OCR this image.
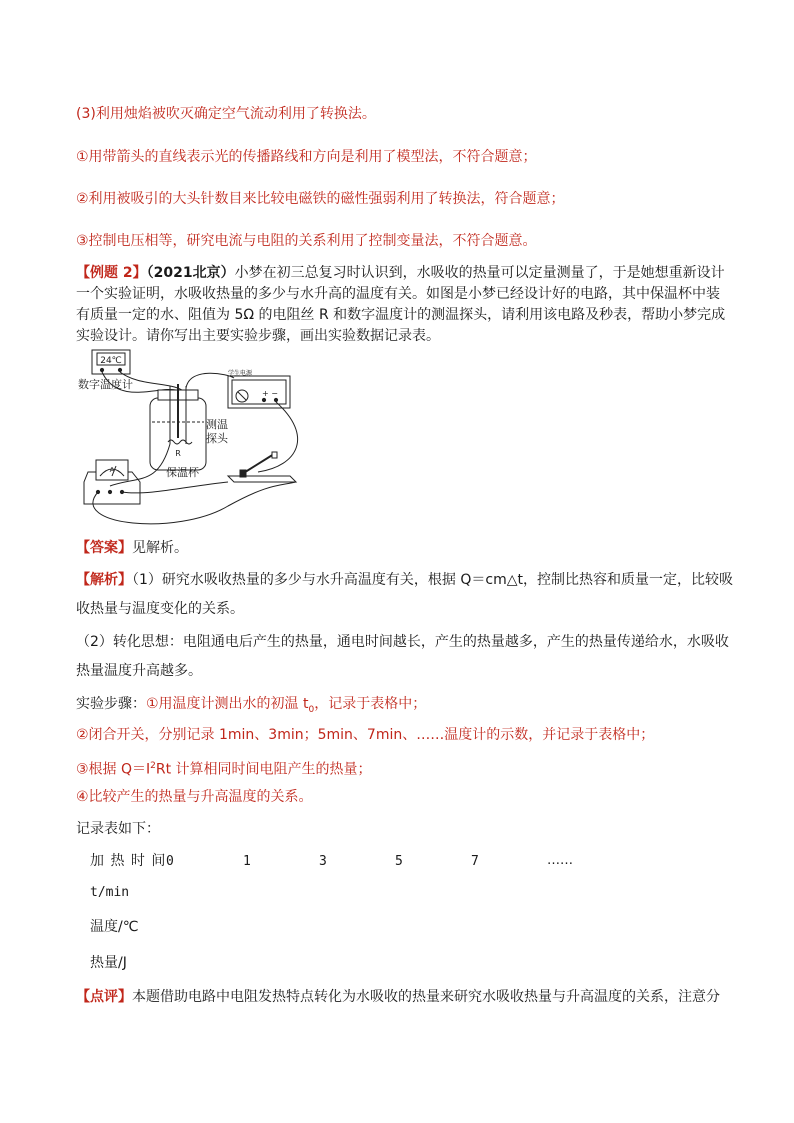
(3)利用烛焰被吹灭确定空气流动利用了转换法。
①用带箭头的直线表示光的传播路线和方向是利用了模型法，不符合题意；
②利用被吸引的大头针数目来比较电磁铁的磁性强弱利用了转换法，符合题意；
③控制电压相等，研究电流与电阻的关系利用了控制变量法，不符合题意。
【例题 2】（2021北京）小梦在初三总复习时认识到，水吸收的热量可以定量测量了，于是她想重新设计
一个实验证明，水吸收热量的多少与水升高的温度有关。如图是小梦已经设计好的电路，其中保温杯中装
有质量一定的水、阻值为 5Ω 的电阻丝 R 和数字温度计的测温探头，请利用该电路及秒表，帮助小梦完成
实验设计。请你写出主要实验步骤，画出实验数据记录表。
24℃
数字温度计
学生电源
+ −
测温
探头
保温杯
R
A
【答案】见解析。
【解析】（1）研究水吸收热量的多少与水升高温度有关，根据 Q＝cm△t，控制比热容和质量一定，比较吸
收热量与温度变化的关系。
（2）转化思想：电阻通电后产生的热量，通电时间越长，产生的热量越多，产生的热量传递给水，水吸收
热量温度升高越多。
实验步骤：①用温度计测出水的初温 $t_0$，记录于表格中；
②闭合开关，分别记录 1min、3min；5min、7min、……温度计的示数，并记录于表格中；
③根据 $Q=I^2Rt$ 计算相同时间电阻产生的热量；
④比较产生的热量与升高温度的关系。
记录表如下：
加 热 时 间 0	1	3	5	7	……
t/min
温度/℃
热量/J
【点评】本题借助电路中电阻发热特点转化为水吸收的热量来研究水吸收热量与升高温度的关系，注意分
